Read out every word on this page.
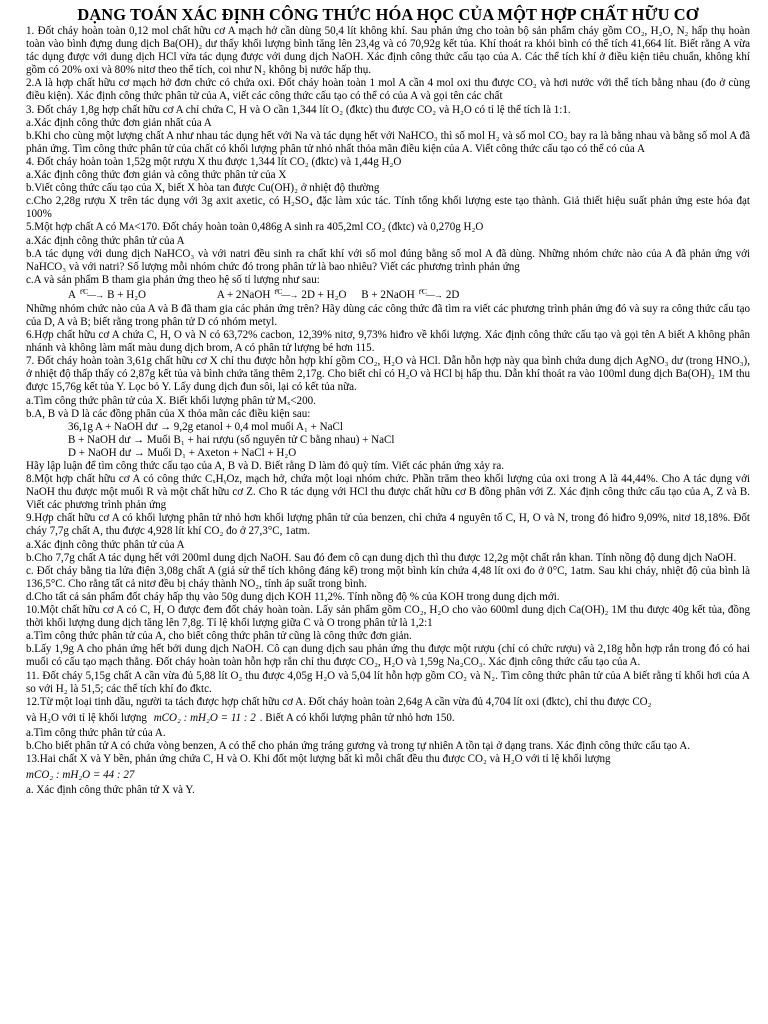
DẠNG TOÁN XÁC ĐỊNH CÔNG THỨC HÓA HỌC CỦA MỘT HỢP CHẤT HỮU CƠ
1. Đốt cháy hoàn toàn 0,12 mol chất hữu cơ A mạch hở cần dùng 50,4 lít không khí. Sau phản ứng cho toàn bộ sản phẩm cháy gồm CO₂, H₂O, N₂ hấp thụ hoàn toàn vào bình đựng dung dịch Ba(OH)₂ dư thấy khối lượng bình tăng lên 23,4g và có 70,92g kết tủa. Khí thoát ra khỏi bình có thể tích 41,664 lít. Biết rằng A vừa tác dụng được với dung dịch HCl vừa tác dụng được với dung dịch NaOH. Xác định công thức cấu tạo của A. Các thể tích khí ở điều kiện tiêu chuẩn, không khí gồm có 20% oxi và 80% nitơ theo thể tích, coi như N₂ không bị nước hấp thụ.
2.A là hợp chất hữu cơ mạch hở đơn chức có chứa oxi. Đốt cháy hoàn toàn 1 mol A cần 4 mol oxi thu được CO₂ và hơi nước với thể tích bằng nhau (đo ở cùng điều kiện). Xác định công thức phân tử của A, viết các công thức cấu tạo có thể có của A và gọi tên các chất
3. Đốt cháy 1,8g hợp chất hữu cơ A chỉ chứa C, H và O cần 1,344 lít O₂ (đktc) thu được CO₂ và H₂O có tỉ lệ thể tích là 1:1.
a.Xác định công thức đơn giản nhất của A
b.Khi cho cùng một lượng chất A như nhau tác dụng hết với Na và tác dụng hết với NaHCO₃ thì số mol H₂ và số mol CO₂ bay ra là bằng nhau và bằng số mol A đã phản ứng. Tìm công thức phân tử của chất có khối lượng phân tử nhỏ nhất thỏa mãn điều kiện của A. Viết công thức cấu tạo có thể có của A
4. Đốt cháy hoàn toàn 1,52g một rượu X thu được 1,344 lít CO₂ (đktc) và 1,44g H₂O
a.Xác định công thức đơn giản và công thức phân tử của X
b.Viết công thức cấu tạo của X, biết X hòa tan được Cu(OH)₂ ở nhiệt độ thường
c.Cho 2,28g rượu X trên tác dụng với 3g axit axetic, có H₂SO₄ đặc làm xúc tác. Tính tổng khối lượng este tạo thành. Giả thiết hiệu suất phản ứng este hóa đạt 100%
5.Một hợp chất A có Mᴀ<170. Đốt cháy hoàn toàn 0,486g A sinh ra 405,2ml CO₂ (đktc) và 0,270g H₂O
a.Xác định công thức phân tử của A
b.A tác dụng với dung dịch NaHCO₃ và với natri đều sinh ra chất khí với số mol đúng bằng số mol A đã dùng. Những nhóm chức nào của A đã phản ứng với NaHCO₃ và với natri? Số lượng mỗi nhóm chức đó trong phân tử là bao nhiêu? Viết các phương trình phản ứng
c.A và sản phẩm B tham gia phản ứng theo hệ số tỉ lượng như sau:
A $^{t^\circ C}$—→  B + H₂O	A + 2NaOH $^{t^\circ C}$—→  2D + H₂O B + 2NaOH $^{t^\circ C}$—→  2D
Những nhóm chức nào của A và B đã tham gia các phản ứng trên? Hãy dùng các công thức đã tìm ra viết các phương trình phản ứng đó và suy ra công thức cấu tạo của D, A và B; biết rằng trong phân tử D có nhóm metyl.
6.Hợp chất hữu cơ A chứa C, H, O và N có 63,72% cacbon, 12,39% nitơ, 9,73% hiđro về khối lượng. Xác định công thức cấu tạo và gọi tên A biết A không phân nhánh và không làm mất màu dung dịch brom, A có phân tử lượng bé hơn 115.
7. Đốt cháy hoàn toàn 3,61g chất hữu cơ X chỉ thu được hỗn hợp khí gồm CO₂, H₂O và HCl. Dẫn hỗn hợp này qua bình chứa dung dịch AgNO₃ dư (trong HNO₃), ở nhiệt độ thấp thấy có 2,87g kết tủa và bình chứa tăng thêm 2,17g. Cho biết chỉ có H₂O và HCl bị hấp thu. Dẫn khí thoát ra vào 100ml dung dịch Ba(OH)₂ 1M thu được 15,76g kết tủa Y. Lọc bỏ Y. Lấy dung dịch đun sôi, lại có kết tủa nữa.
a.Tìm công thức phân tử của X. Biết khối lượng phân tử Mₓ<200.
b.A, B và D là các đồng phân của X thỏa mãn các điều kiện sau:
36,1g A + NaOH dư → 9,2g etanol + 0,4 mol muối A₁ + NaCl
B + NaOH dư → Muối B₁ + hai rượu (số nguyên tử C bằng nhau) + NaCl
D + NaOH dư → Muối D₁ + Axeton + NaCl + H₂O
Hãy lập luận để tìm công thức cấu tạo của A, B và D. Biết rằng D làm đỏ quỳ tím. Viết các phản ứng xảy ra.
8.Một hợp chất hữu cơ A có công thức CₓHᵧOz, mạch hở, chứa một loại nhóm chức. Phần trăm theo khối lượng của oxi trong A là 44,44%. Cho A tác dụng với NaOH thu được một muối R và một chất hữu cơ Z. Cho R tác dụng với HCl thu được chất hữu cơ B đồng phân với Z. Xác định công thức cấu tạo của A, Z và B. Viết các phương trình phản ứng
9.Hợp chất hữu cơ A có khối lượng phân tử nhỏ hơn khối lượng phân tử của benzen, chỉ chứa 4 nguyên tố C, H, O và N, trong đó hiđro 9,09%, nitơ 18,18%. Đốt cháy 7,7g chất A, thu được 4,928 lít khí CO₂ đo ở 27,3°C, 1atm.
a.Xác định công thức phân tử của A
b.Cho 7,7g chất A tác dụng hết với 200ml dung dịch NaOH. Sau đó đem cô cạn dung dịch thì thu được 12,2g một chất rắn khan. Tính nồng độ dung dịch NaOH.
c. Đốt cháy bằng tia lửa điện 3,08g chất A (giả sử thể tích không đáng kể) trong một bình kín chứa 4,48 lít oxi đo ở 0°C, 1atm. Sau khi cháy, nhiệt độ của bình là 136,5°C. Cho rằng tất cả nitơ đều bị cháy thành NO₂, tính áp suất trong bình.
d.Cho tất cả sản phẩm đốt cháy hấp thụ vào 50g dung dịch KOH 11,2%. Tính nồng độ % của KOH trong dung dịch mới.
10.Một chất hữu cơ A có C, H, O được đem đốt cháy hoàn toàn. Lấy sản phẩm gồm CO₂, H₂O cho vào 600ml dung dịch Ca(OH)₂ 1M thu được 40g kết tủa, đồng thời khối lượng dung dịch tăng lên 7,8g. Tỉ lệ khối lượng giữa C và O trong phân tử là 1,2:1
a.Tìm công thức phân tử của A, cho biết công thức phân tử cũng là công thức đơn giản.
b.Lấy 1,9g A cho phản ứng hết bởi dung dịch NaOH. Cô cạn dung dịch sau phản ứng thu được một rượu (chỉ có chức rượu) và 2,18g hỗn hợp rắn trong đó có hai muối có cấu tạo mạch thẳng. Đốt cháy hoàn toàn hỗn hợp rắn chỉ thu được CO₂, H₂O và 1,59g Na₂CO₃. Xác định công thức cấu tạo của A.
11. Đốt cháy 5,15g chất A cần vừa đủ 5,88 lít O₂ thu được 4,05g H₂O và 5,04 lít hỗn hợp gồm CO₂ và N₂. Tìm công thức phân tử của A biết rằng tỉ khối hơi của A so với H₂ là 51,5; các thể tích khí đo đktc.
12.Từ một loại tinh dầu, người ta tách được hợp chất hữu cơ A. Đốt cháy hoàn toàn 2,64g A cần vừa đủ 4,704 lít oxi (đktc), chỉ thu được CO₂
và H₂O với tỉ lệ khối lượng mCO₂ : mH₂O = 11 : 2 . Biết A có khối lượng phân tử nhỏ hơn 150.
a.Tìm công thức phân tử của A.
b.Cho biết phân tử A có chứa vòng benzen, A có thể cho phản ứng tráng gương và trong tự nhiên A tồn tại ở dạng trans. Xác định công thức cấu tạo A.
13.Hai chất X và Y bền, phản ứng chứa C, H và O. Khi đốt một lượng bất kì mỗi chất đều thu được CO₂ và H₂O với tỉ lệ khối lượng
mCO₂ : mH₂O = 44 : 27
a. Xác định công thức phân tử X và Y.
